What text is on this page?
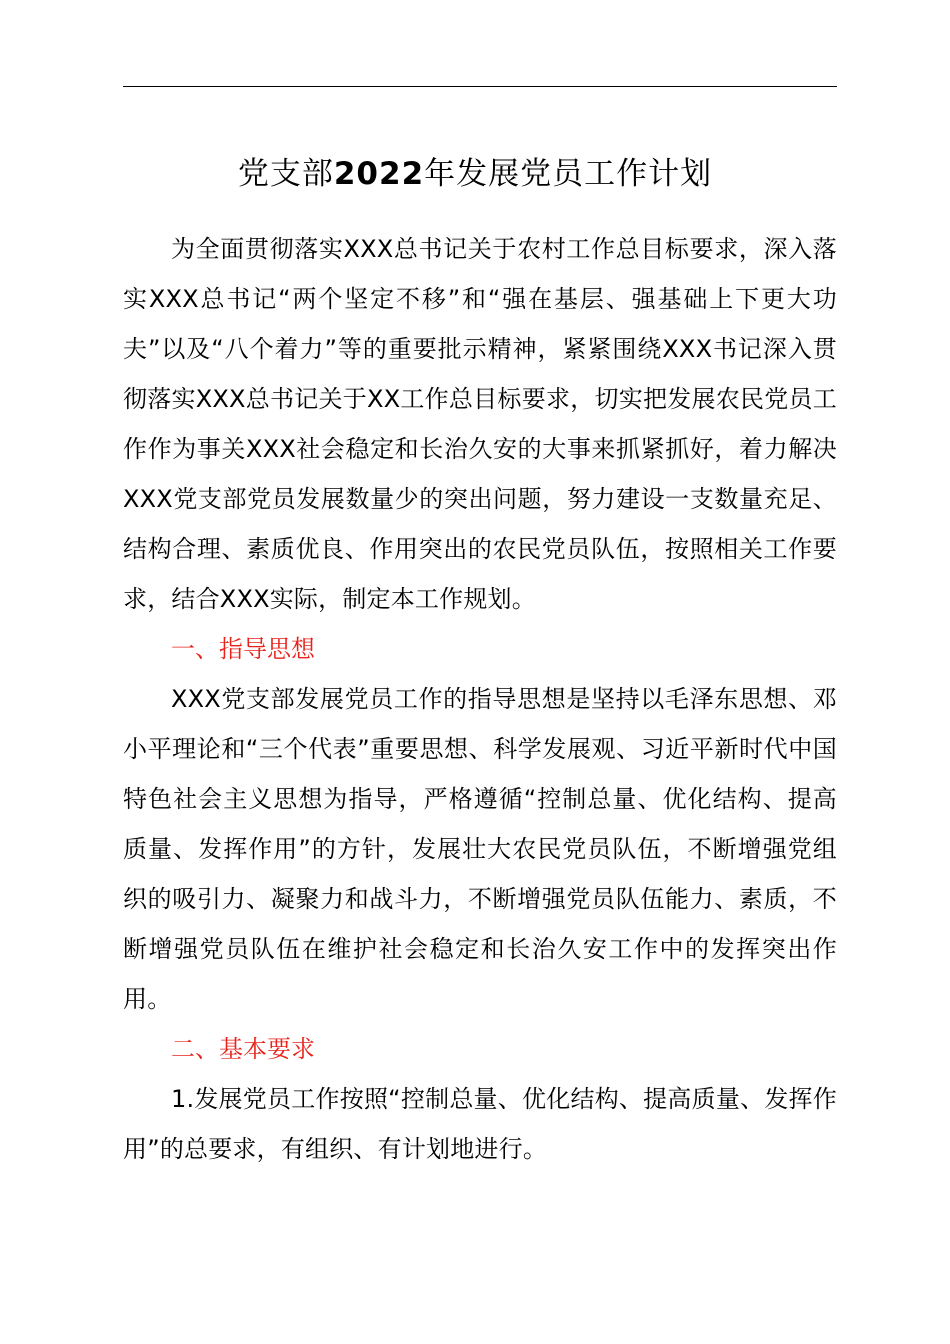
党支部2022年发展党员工作计划

为全面贯彻落实XXX总书记关于农村工作总目标要求，深入落实XXX总书记“两个坚定不移”和“强在基层、强基础上下更大功夫”以及“八个着力”等的重要批示精神，紧紧围绕XXX书记深入贯彻落实XXX总书记关于XX工作总目标要求，切实把发展农民党员工作作为事关XXX社会稳定和长治久安的大事来抓紧抓好，着力解决XXX党支部党员发展数量少的突出问题，努力建设一支数量充足、结构合理、素质优良、作用突出的农民党员队伍，按照相关工作要求，结合XXX实际，制定本工作规划。

一、指导思想

XXX党支部发展党员工作的指导思想是坚持以毛泽东思想、邓小平理论和“三个代表”重要思想、科学发展观、习近平新时代中国特色社会主义思想为指导，严格遵循“控制总量、优化结构、提高质量、发挥作用”的方针，发展壮大农民党员队伍，不断增强党组织的吸引力、凝聚力和战斗力，不断增强党员队伍能力、素质，不断增强党员队伍在维护社会稳定和长治久安工作中的发挥突出作用。

二、基本要求

1.发展党员工作按照“控制总量、优化结构、提高质量、发挥作用”的总要求，有组织、有计划地进行。
